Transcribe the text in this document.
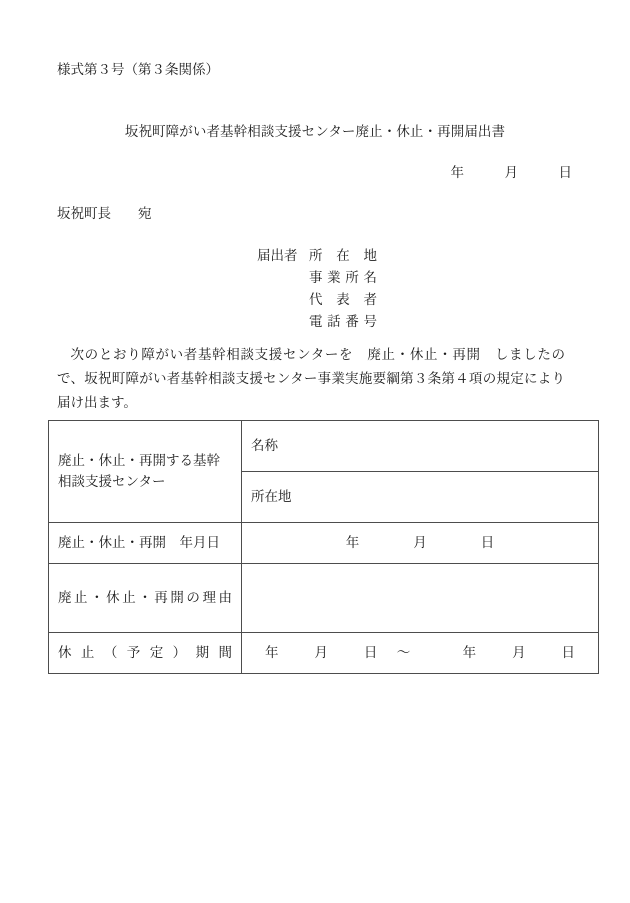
様式第３号（第３条関係）
坂祝町障がい者基幹相談支援センター廃止・休止・再開届出書
年　　　月　　　日
坂祝町長　　宛
届出者 所在地
事業所名
代表者
電話番号
次のとおり障がい者基幹相談支援センターを 廃止・休止・再開 しましたので、坂祝町障がい者基幹相談支援センター事業実施要綱第３条第４項の規定により届け出ます。
廃止・休止・再開する基幹相談支援センター	名称
	所在地
廃止・休止・再開　年月日	年　　　　月　　　　日

廃止・休止・再開の理由	
休止（予定）期間	年　　月　　日　～　　　年　　月　　日
